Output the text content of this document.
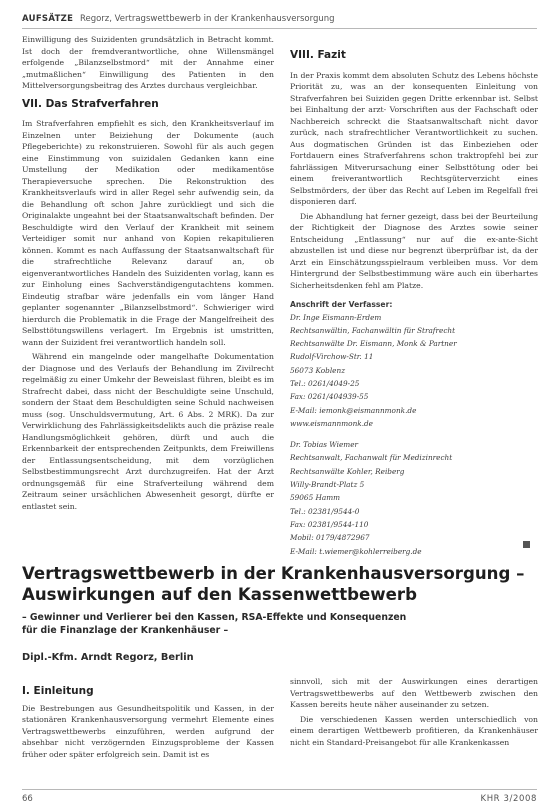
AUFSÄTZE Regorz, Vertragswettbewerb in der Krankenhausversorgung

Einwilligung des Suizidenten grundsätzlich in Betracht kommt. Ist doch der fremdverantwortliche, ohne Willensmängel erfolgende „Bilanzselbstmord“ mit der Annahme einer „mutmaßlichen“ Einwilligung des Patienten in den Mittelversorgungsbeitrag des Arztes durchaus vergleichbar.

VII. Das Strafverfahren

Im Strafverfahren empfiehlt es sich, den Krankheitsverlauf im Einzelnen unter Beiziehung der Dokumente (auch Pflegeberichte) zu rekonstruieren. Sowohl für als auch gegen eine Einstimmung von suizidalen Gedanken kann eine Umstellung der Medikation oder medikamentöse Therapieversuche sprechen. Die Rekonstruktion des Krankheitsverlaufs wird in aller Regel sehr aufwendig sein, da die Behandlung oft schon Jahre zurückliegt und sich die Originalakte ungeahnt bei der Staatsanwaltschaft befinden. Der Beschuldigte wird den Verlauf der Krankheit mit seinem Verteidiger somit nur anhand von Kopien rekapitulieren können. Kommt es nach Auffassung der Staatsanwaltschaft für die strafrechtliche Relevanz darauf an, ob eigenverantwortliches Handeln des Suizidenten vorlag, kann es zur Einholung eines Sachverständigengutachtens kommen. Eindeutig strafbar wäre jedenfalls ein vom länger Hand geplanter sogenannter „Bilanzselbstmord“. Schwieriger wird hierdurch die Problematik in die Frage der Mangelfreiheit des Selbsttötungswillens verlagert. Im Ergebnis ist umstritten, wann der Suizident frei verantwortlich handeln soll.

Während ein mangelnde oder mangelhafte Dokumentation der Diagnose und des Verlaufs der Behandlung im Zivilrecht regelmäßig zu einer Umkehr der Beweislast führen, bleibt es im Strafrecht dabei, dass nicht der Beschuldigte seine Unschuld, sondern der Staat dem Beschuldigten seine Schuld nachweisen muss (sog. Unschuldsvermutung, Art. 6 Abs. 2 MRK). Da zur Verwirklichung des Fahrlässigkeitsdelikts auch die präzise reale Handlungsmöglichkeit gehören, dürft und auch die Erkennbarkeit der entsprechenden Zeitpunkts, dem Freiwillens der Entlassungsentscheidung, mit dem vorzüglichen Selbstbestimmungsrecht Arzt durchzugreifen. Hat der Arzt ordnungsgemäß für eine Strafverteilung während dem Zeitraum seiner ursächlichen Abwesenheit gesorgt, dürfte er entlastet sein.

VIII. Fazit

In der Praxis kommt dem absoluten Schutz des Lebens höchste Priorität zu, was an der konsequenten Einleitung von Strafverfahren bei Suiziden gegen Dritte erkennbar ist. Selbst bei Einhaltung der arzt- Vorschriften aus der Fachschaft oder Nachbereich schreckt die Staatsanwaltschaft nicht davor zurück, nach strafrechtlicher Verantwortlichkeit zu suchen. Aus dogmatischen Gründen ist das Einbeziehen oder Fortdauern eines Strafverfahrens schon traktropfehl bei zur fahrlässigen Mitverursachung einer Selbsttötung oder bei einem freiverantwortlich Rechtsgüterverzicht eines Selbstmörders, der über das Recht auf Leben im Regelfall frei disponieren darf.

Die Abhandlung hat ferner gezeigt, dass bei der Beurteilung der Richtigkeit der Diagnose des Arztes sowie seiner Entscheidung „Entlassung“ nur auf die ex-ante-Sicht abzustellen ist und diese nur begrenzt überprüfbar ist, da der Arzt ein Einschätzungsspielraum verbleiben muss. Vor dem Hintergrund der Selbstbestimmung wäre auch ein überhartes Sicherheitsdenken fehl am Platze.

Anschrift der Verfasser:

Dr. Inge Eismann-Erdem

Rechtsanwältin, Fachanwältin für Strafrecht

Rechtsanwälte Dr. Eismann, Monk & Partner

Rudolf-Virchow-Str. 11

56073 Koblenz

Tel.: 0261/4049-25

Fax: 0261/404939-55

E-Mail: iemonk@eismannmonk.de

www.eismannmonk.de

Dr. Tobias Wiemer

Rechtsanwalt, Fachanwalt für Medizinrecht

Rechtsanwälte Kohler, Reiberg

Willy-Brandt-Platz 5

59065 Hamm

Tel.: 02381/9544-0

Fax: 02381/9544-110

Mobil: 0179/4872967

E-Mail: t.wiemer@kohlerreiberg.de

Vertragswettbewerb in der Krankenhausversorgung –
Auswirkungen auf den Kassenwettbewerb
– Gewinner und Verlierer bei den Kassen, RSA-Effekte und Konsequenzen
für die Finanzlage der Krankenhäuser –
Dipl.-Kfm. Arndt Regorz, Berlin
I. Einleitung

Die Bestrebungen aus Gesundheitspolitik und Kassen, in der stationären Krankenhausversorgung vermehrt Elemente eines Vertragswettbewerbs einzuführen, werden aufgrund der absehbar nicht verzögernden Einzugsprobleme der Kassen früher oder später erfolgreich sein. Damit ist es

sinnvoll, sich mit der Auswirkungen eines derartigen Vertragswettbewerbs auf den Wettbewerb zwischen den Kassen bereits heute näher auseinander zu setzen.

Die verschiedenen Kassen werden unterschiedlich von einem derartigen Wettbewerb profitieren, da Krankenhäuser nicht ein Standard-Preisangebot für alle Krankenkassen

66	KHR 3/2008
